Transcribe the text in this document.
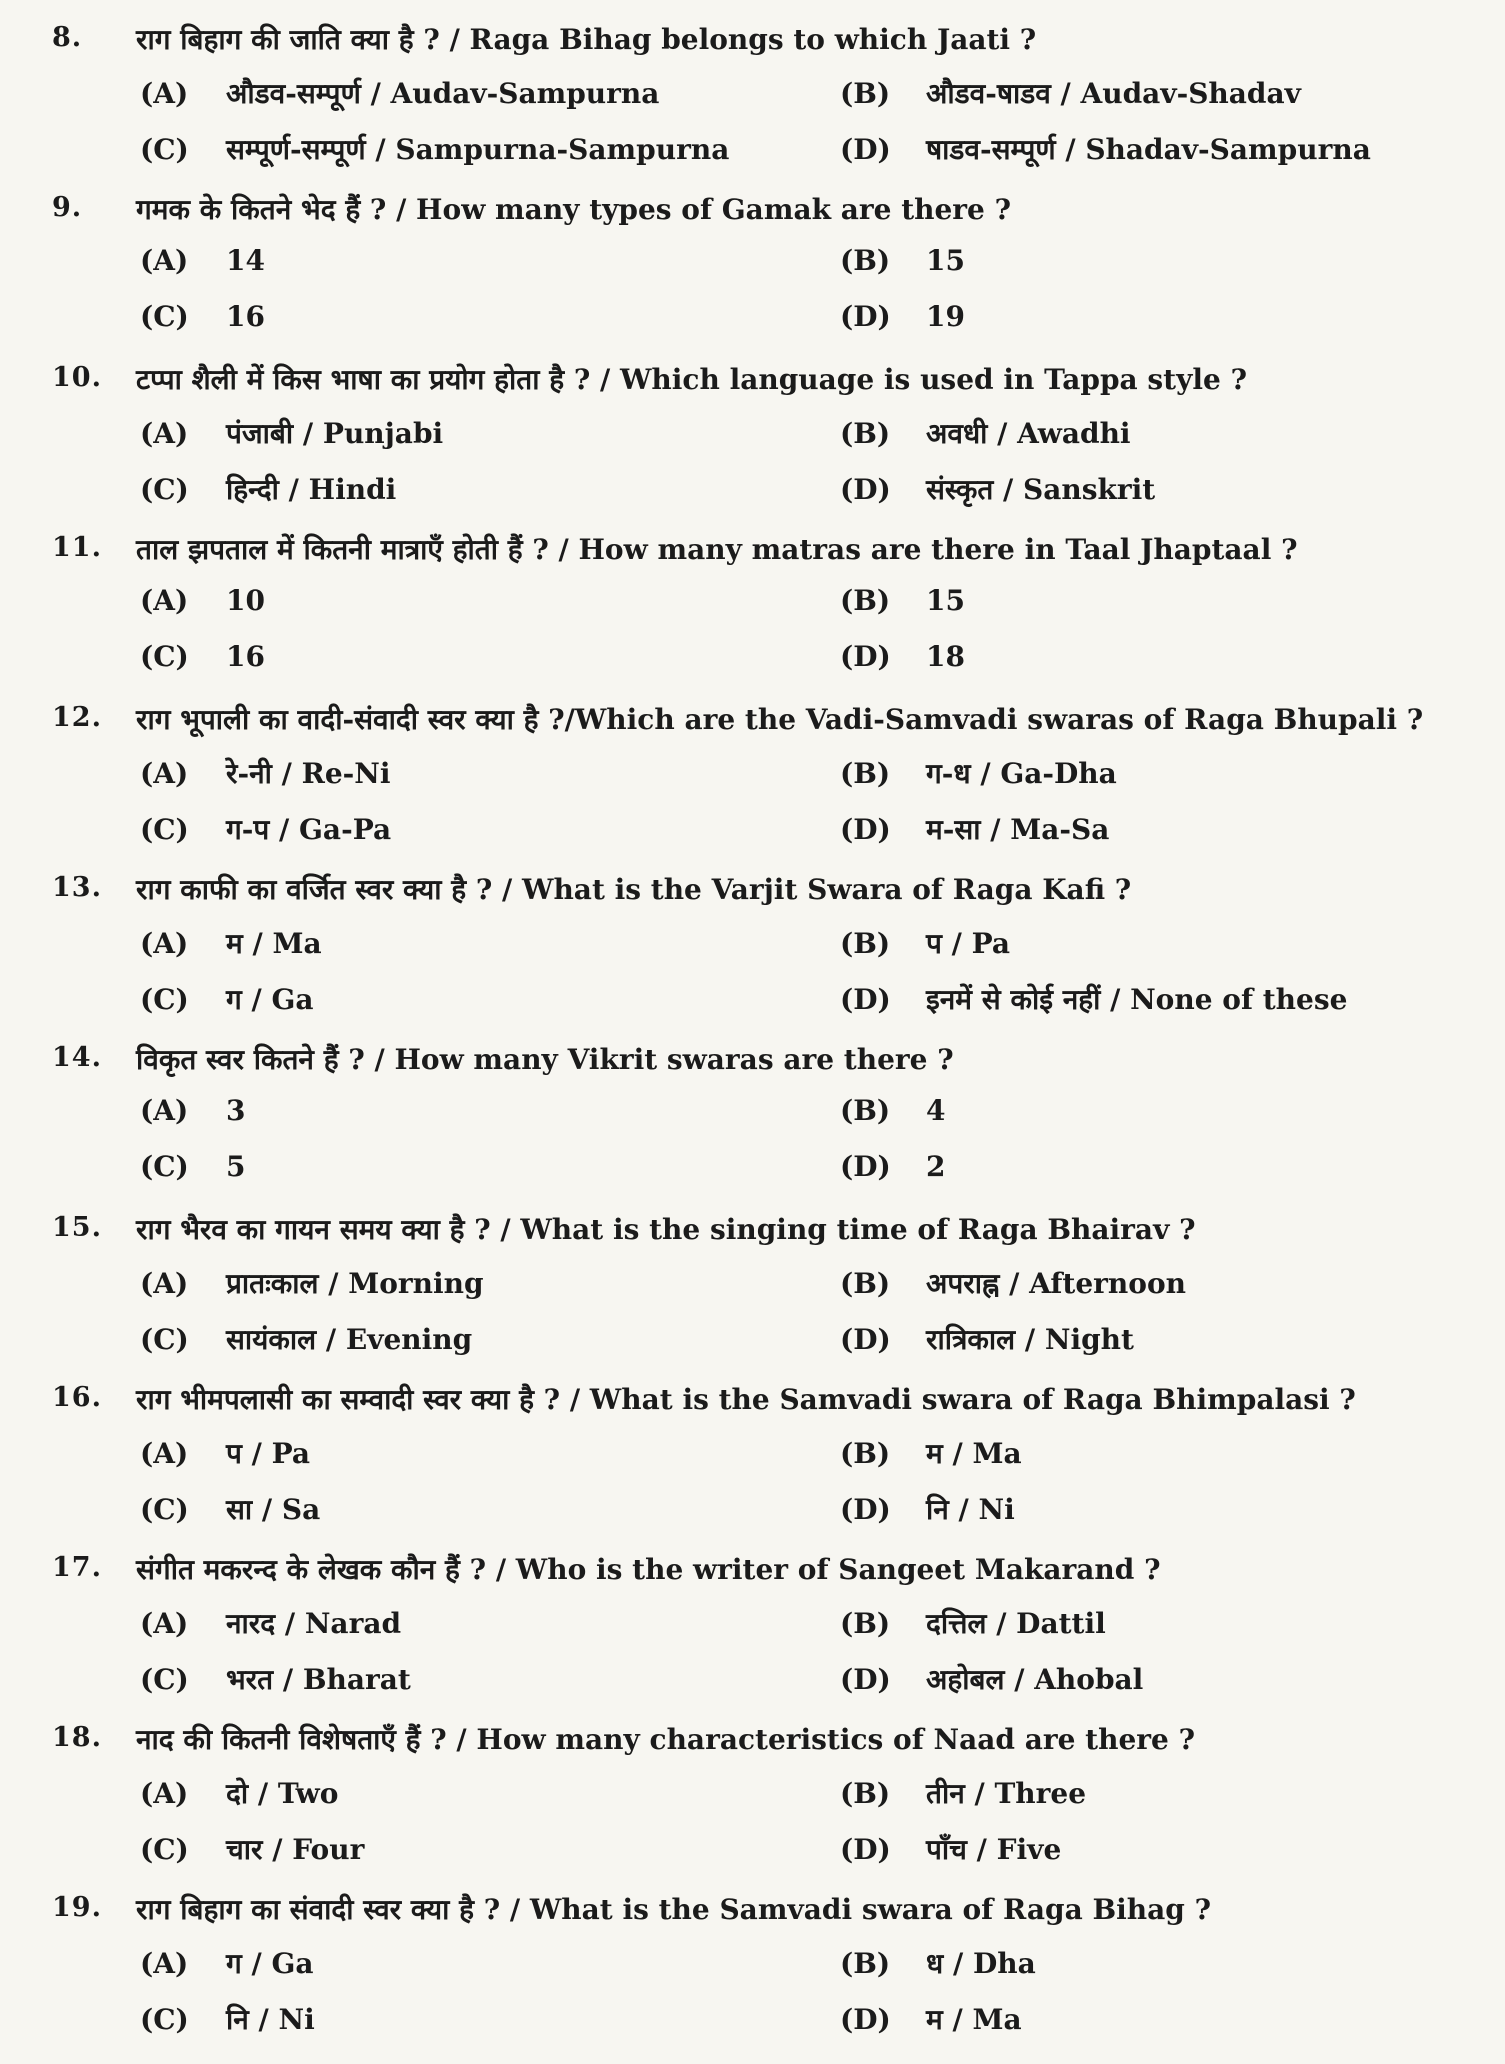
8. राग बिहाग की जाति क्या है ? / Raga Bihag belongs to which Jaati ?
(A) औडव-सम्पूर्ण / Audav-Sampurna	(B) औडव-षाडव / Audav-Shadav
(C) सम्पूर्ण-सम्पूर्ण / Sampurna-Sampurna	(D) षाडव-सम्पूर्ण / Shadav-Sampurna
9. गमक के कितने भेद हैं ? / How many types of Gamak are there ?
(A) 14	(B) 15
(C) 16	(D) 19
10. टप्पा शैली में किस भाषा का प्रयोग होता है ? / Which language is used in Tappa style ?
(A) पंजाबी / Punjabi	(B) अवधी / Awadhi
(C) हिन्दी / Hindi	(D) संस्कृत / Sanskrit
11. ताल झपताल में कितनी मात्राएँ होती हैं ? / How many matras are there in Taal Jhaptaal ?
(A) 10	(B) 15
(C) 16	(D) 18
12. राग भूपाली का वादी-संवादी स्वर क्या है ?/Which are the Vadi-Samvadi swaras of Raga Bhupali ?
(A) रे-नी / Re-Ni	(B) ग-ध / Ga-Dha
(C) ग-प / Ga-Pa	(D) म-सा / Ma-Sa
13. राग काफी का वर्जित स्वर क्या है ? / What is the Varjit Swara of Raga Kafi ?
(A) म / Ma	(B) प / Pa
(C) ग / Ga	(D) इनमें से कोई नहीं / None of these
14. विकृत स्वर कितने हैं ? / How many Vikrit swaras are there ?
(A) 3	(B) 4
(C) 5	(D) 2
15. राग भैरव का गायन समय क्या है ? / What is the singing time of Raga Bhairav ?
(A) प्रातःकाल / Morning	(B) अपराह्न / Afternoon
(C) सायंकाल / Evening	(D) रात्रिकाल / Night
16. राग भीमपलासी का सम्वादी स्वर क्या है ? / What is the Samvadi swara of Raga Bhimpalasi ?
(A) प / Pa	(B) म / Ma
(C) सा / Sa	(D) नि / Ni
17. संगीत मकरन्द के लेखक कौन हैं ? / Who is the writer of Sangeet Makarand ?
(A) नारद / Narad	(B) दत्तिल / Dattil
(C) भरत / Bharat	(D) अहोबल / Ahobal
18. नाद की कितनी विशेषताएँ हैं ? / How many characteristics of Naad are there ?
(A) दो / Two	(B) तीन / Three
(C) चार / Four	(D) पाँच / Five
19. राग बिहाग का संवादी स्वर क्या है ? / What is the Samvadi swara of Raga Bihag ?
(A) ग / Ga	(B) ध / Dha
(C) नि / Ni	(D) म / Ma
